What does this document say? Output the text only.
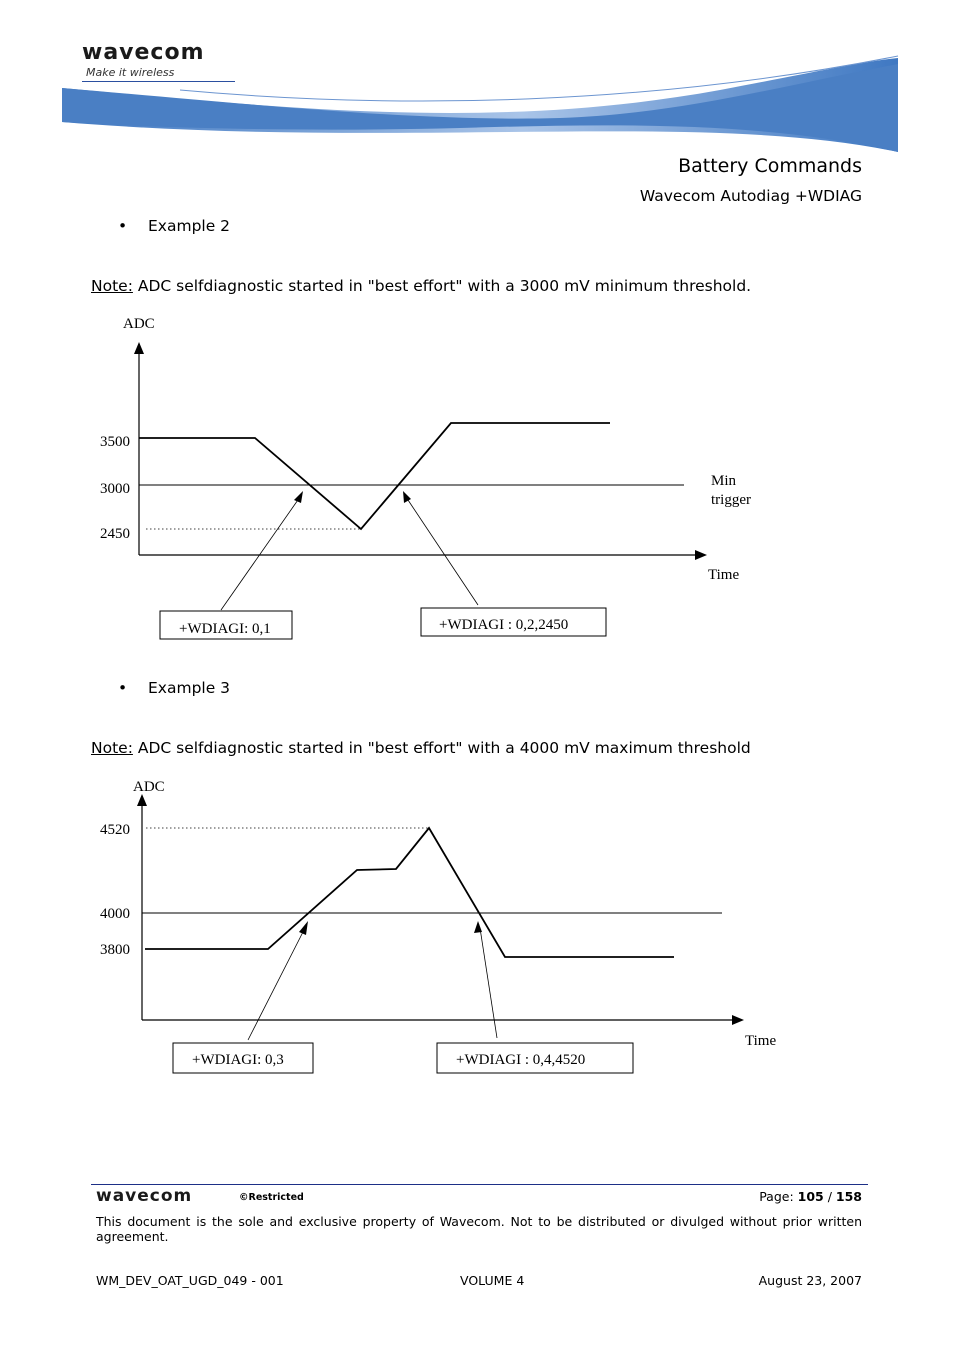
wavecom
Make it wireless
Battery Commands
Wavecom Autodiag +WDIAG
• Example 2
Note: ADC selfdiagnostic started in "best effort" with a 3000 mV minimum threshold.
ADC
3500
3000
2450
Min
trigger
Time
+WDIAGI: 0,1	+WDIAGI : 0,2,2450
• Example 3
Note: ADC selfdiagnostic started in "best effort" with a 4000 mV maximum threshold
ADC
4520
4000
3800
Time
+WDIAGI: 0,3	+WDIAGI : 0,4,4520
wavecom	©Restricted	Page: 105 / 158
This document is the sole and exclusive property of Wavecom. Not to be distributed or divulged without prior written agreement.
WM_DEV_OAT_UGD_049 - 001	VOLUME 4	August 23, 2007
